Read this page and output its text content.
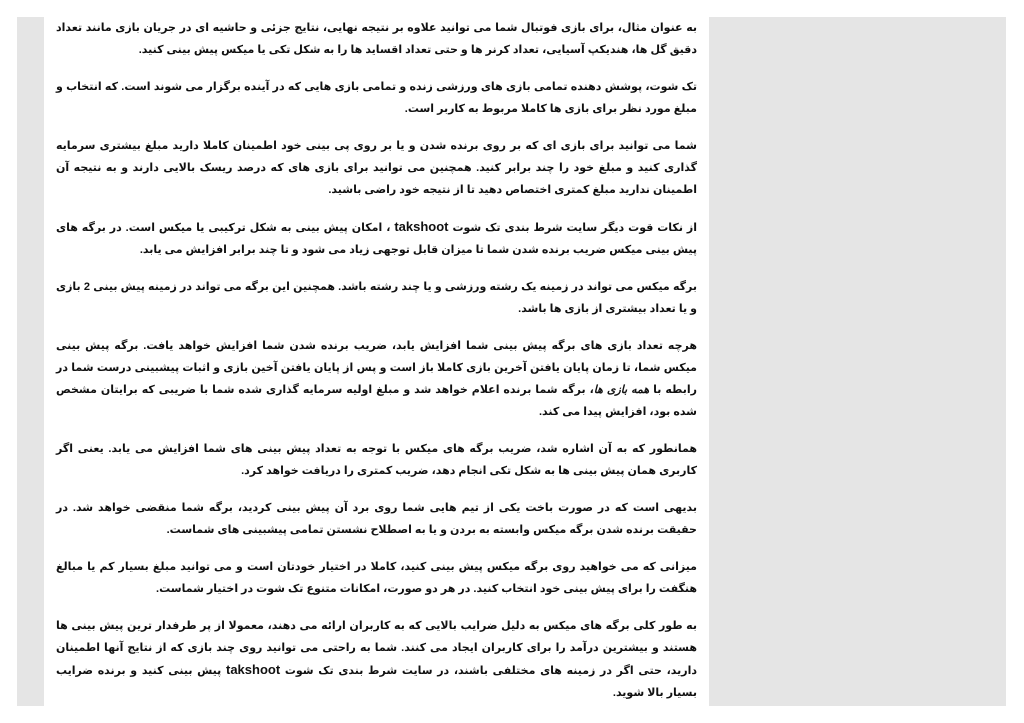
به عنوان مثال، برای بازی فوتبال شما می توانید علاوه بر نتیجه نهایی، نتایج جزئی و حاشیه ای در جریان بازی مانند تعداد دقیق گل ها، هندیکپ آسیایی، تعداد کرنر ها و حتی تعداد اقساید ها را به شکل تکی یا میکس پیش بینی کنید.

تک شوت، پوشش دهنده تمامی بازی های ورزشی زنده و تمامی بازی هایی که در آینده برگزار می شوند است. که انتخاب و مبلغ مورد نظر برای بازی ها کاملا مربوط به کاربر است.

شما می توانید برای بازی ای که بر روی برنده شدن و یا بر روی پی بینی خود اطمینان کاملا دارید مبلغ بیشتری سرمایه گذاری کنید و مبلغ خود را چند برابر کنید. همچنین می توانید برای بازی های که درصد ریسک بالایی دارند و به نتیجه آن اطمینان ندارید مبلغ کمتری اختصاص دهید تا از نتیجه خود راضی باشید.

از نکات قوت دیگر سایت شرط بندی تک شوت takshoot ، امکان پیش بینی به شکل ترکیبی یا میکس است. در برگه های پیش بینی میکس ضریب برنده شدن شما تا میزان قابل توجهی زیاد می شود و تا چند برابر افزایش می یابد.

برگه میکس می تواند در زمینه یک رشته ورزشی و یا چند رشته باشد. همچنین این برگه می تواند در زمینه پیش بینی 2 بازی و یا تعداد بیشتری از بازی ها باشد.

هرچه تعداد بازی های برگه پیش بینی شما افزایش یابد، ضریب برنده شدن شما افزایش خواهد یافت. برگه پیش بینی میکس شما، تا زمان پایان یافتن آخرین بازی کاملا باز است و پس از پایان یافتن آخین بازی و اثبات پیشبینی درست شما در رابطه با همه بازی ها، برگه شما برنده اعلام خواهد شد و مبلغ اولیه سرمایه گذاری شده شما با ضریبی که برایتان مشخص شده بود، افزایش پیدا می کند.

همانطور که به آن اشاره شد، ضریب برگه های میکس با توجه به تعداد پیش بینی های شما افزایش می یابد. یعنی اگر کاربری همان پیش بینی ها به شکل تکی انجام دهد، ضریب کمتری را دریافت خواهد کرد.

بدیهی است که در صورت باخت یکی از تیم هایی شما روی برد آن پیش بینی کردید، برگه شما منقضی خواهد شد. در حقیقت برنده شدن برگه میکس وابسته به بردن و یا به اصطلاح نشستن تمامی پیشبینی های شماست.

میزانی که می خواهید روی برگه میکس پیش بینی کنید، کاملا در اختیار خودتان است و می توانید مبلغ بسیار کم یا مبالغ هنگفت را برای پیش بینی خود انتخاب کنید. در هر دو صورت، امکانات متنوع تک شوت در اختیار شماست.

به طور کلی برگه های میکس به دلیل ضرایب بالایی که به کاربران ارائه می دهند، معمولا از پر طرفدار ترین پیش بینی ها هستند و بیشترین درآمد را برای کاربران ایجاد می کنند. شما به راحتی می توانید روی چند بازی که از نتایج آنها اطمینان دارید، حتی اگر در زمینه های مختلفی باشند، در سایت شرط بندی تک شوت takshoot پیش بینی کنید و برنده ضرایب بسیار بالا شوید.
